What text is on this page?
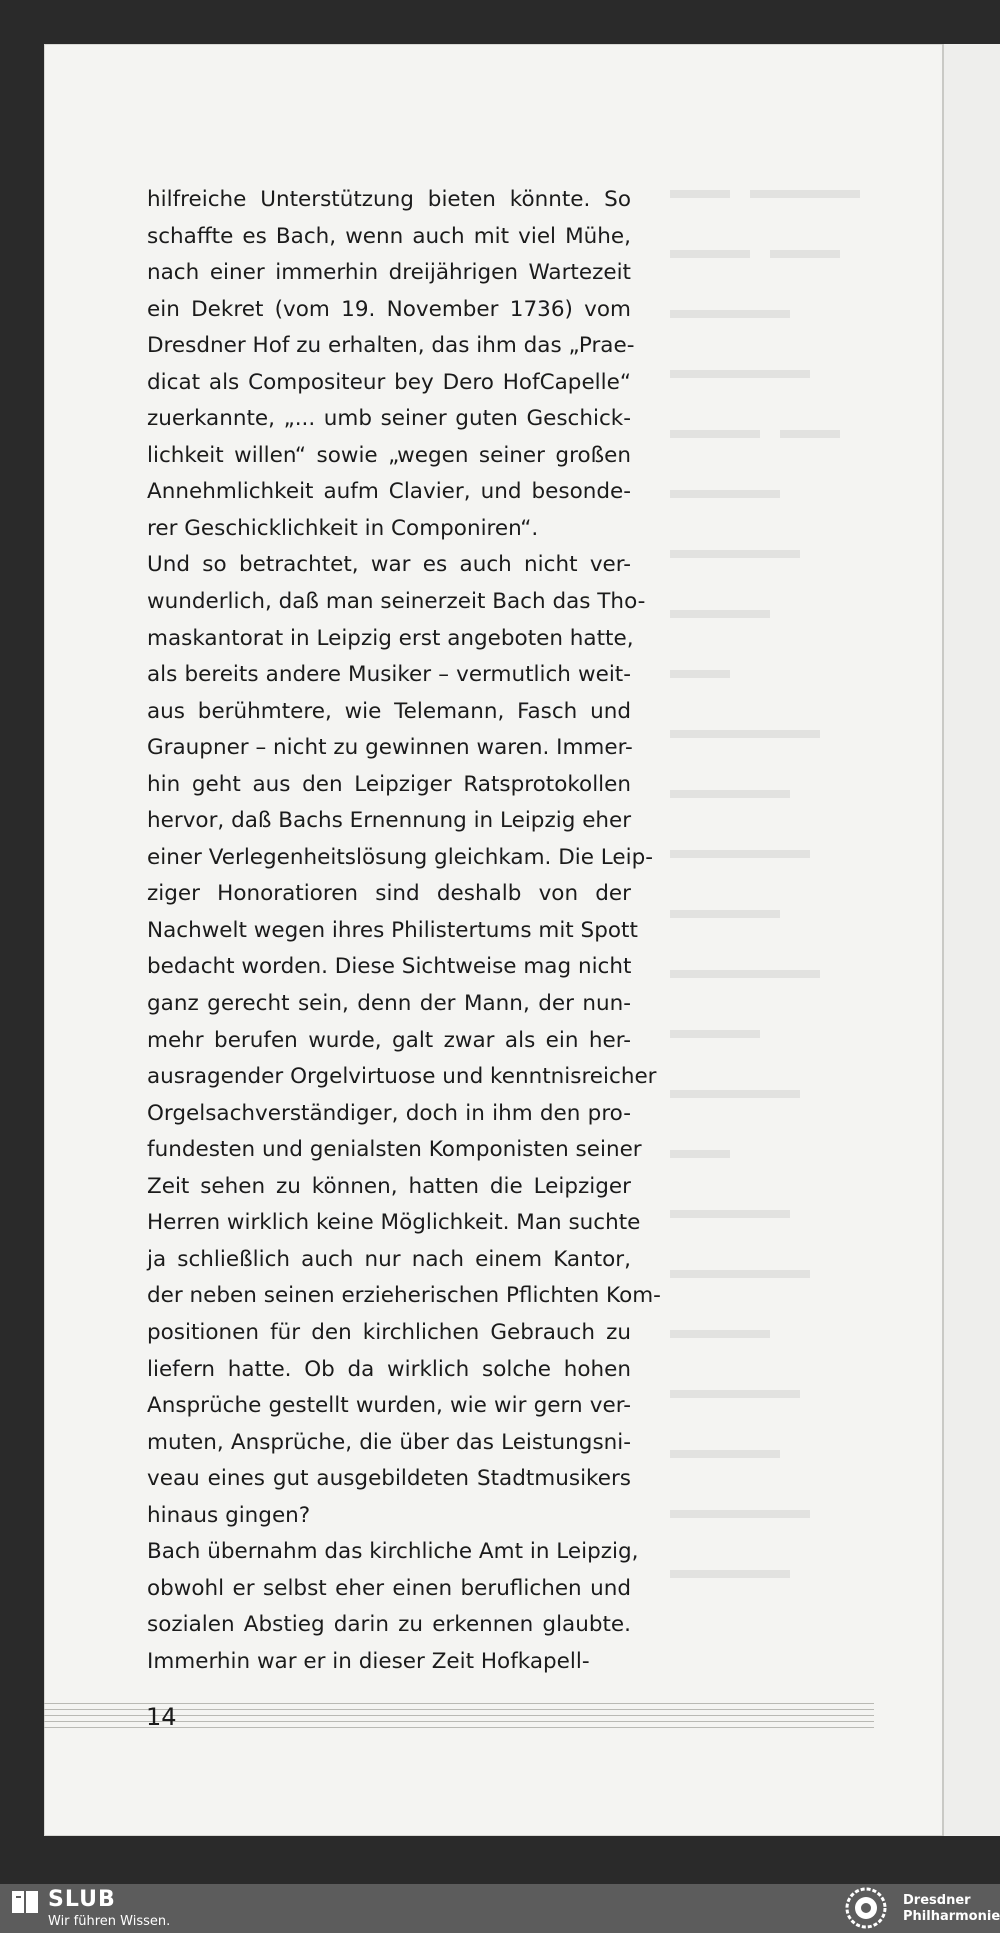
hilfreiche Unterstützung bieten könnte. So
schaffte es Bach, wenn auch mit viel Mühe,
nach einer immerhin dreijährigen Wartezeit
ein Dekret (vom 19. November 1736) vom
Dresdner Hof zu erhalten, das ihm das „Prae-
dicat als Compositeur bey Dero HofCapelle“
zuerkannte, „... umb seiner guten Geschick-
lichkeit willen“ sowie „wegen seiner großen
Annehmlichkeit aufm Clavier, und besonde-
rer Geschicklichkeit in Componiren“.
Und so betrachtet, war es auch nicht ver-
wunderlich, daß man seinerzeit Bach das Tho-
maskantorat in Leipzig erst angeboten hatte,
als bereits andere Musiker – vermutlich weit-
aus berühmtere, wie Telemann, Fasch und
Graupner – nicht zu gewinnen waren. Immer-
hin geht aus den Leipziger Ratsprotokollen
hervor, daß Bachs Ernennung in Leipzig eher
einer Verlegenheitslösung gleichkam. Die Leip-
ziger Honoratioren sind deshalb von der
Nachwelt wegen ihres Philistertums mit Spott
bedacht worden. Diese Sichtweise mag nicht
ganz gerecht sein, denn der Mann, der nun-
mehr berufen wurde, galt zwar als ein her-
ausragender Orgelvirtuose und kenntnisreicher
Orgelsachverständiger, doch in ihm den pro-
fundesten und genialsten Komponisten seiner
Zeit sehen zu können, hatten die Leipziger
Herren wirklich keine Möglichkeit. Man suchte
ja schließlich auch nur nach einem Kantor,
der neben seinen erzieherischen Pflichten Kom-
positionen für den kirchlichen Gebrauch zu
liefern hatte. Ob da wirklich solche hohen
Ansprüche gestellt wurden, wie wir gern ver-
muten, Ansprüche, die über das Leistungsni-
veau eines gut ausgebildeten Stadtmusikers
hinaus gingen?
Bach übernahm das kirchliche Amt in Leipzig,
obwohl er selbst eher einen beruflichen und
sozialen Abstieg darin zu erkennen glaubte.
Immerhin war er in dieser Zeit Hofkapell-
14
SLUB
Wir führen Wissen.
Dresdner
Philharmonie
